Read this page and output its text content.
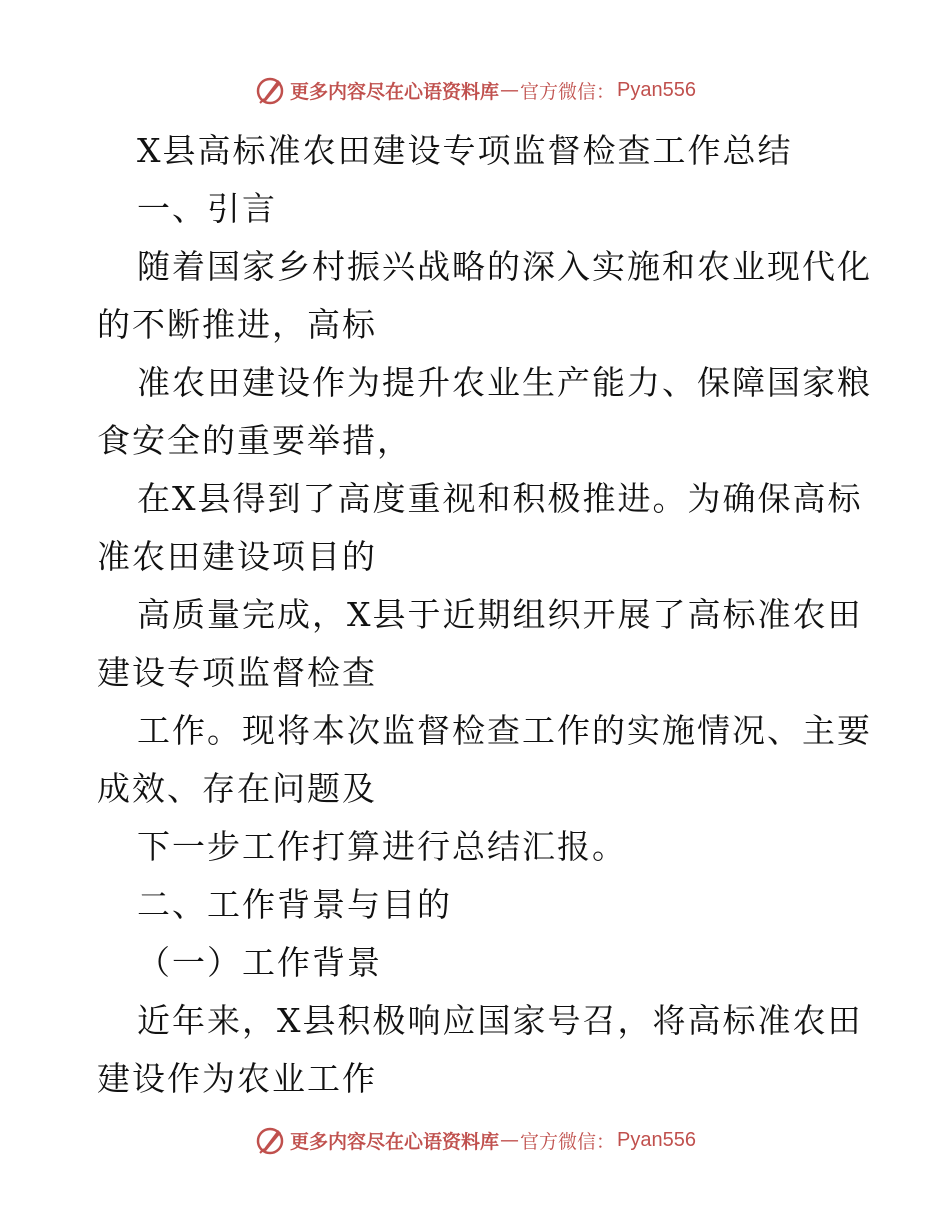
更多内容尽在心语资料库 — 官方微信： Pyan556
X县高标准农田建设专项监督检查工作总结
一、引言
随着国家乡村振兴战略的深入实施和农业现代化
的不断推进，高标
准农田建设作为提升农业生产能力、保障国家粮
食安全的重要举措，
在X县得到了高度重视和积极推进。为确保高标
准农田建设项目的
高质量完成，X县于近期组织开展了高标准农田
建设专项监督检查
工作。现将本次监督检查工作的实施情况、主要
成效、存在问题及
下一步工作打算进行总结汇报。
二、工作背景与目的
（一）工作背景
近年来，X县积极响应国家号召，将高标准农田
建设作为农业工作
更多内容尽在心语资料库 — 官方微信： Pyan556
